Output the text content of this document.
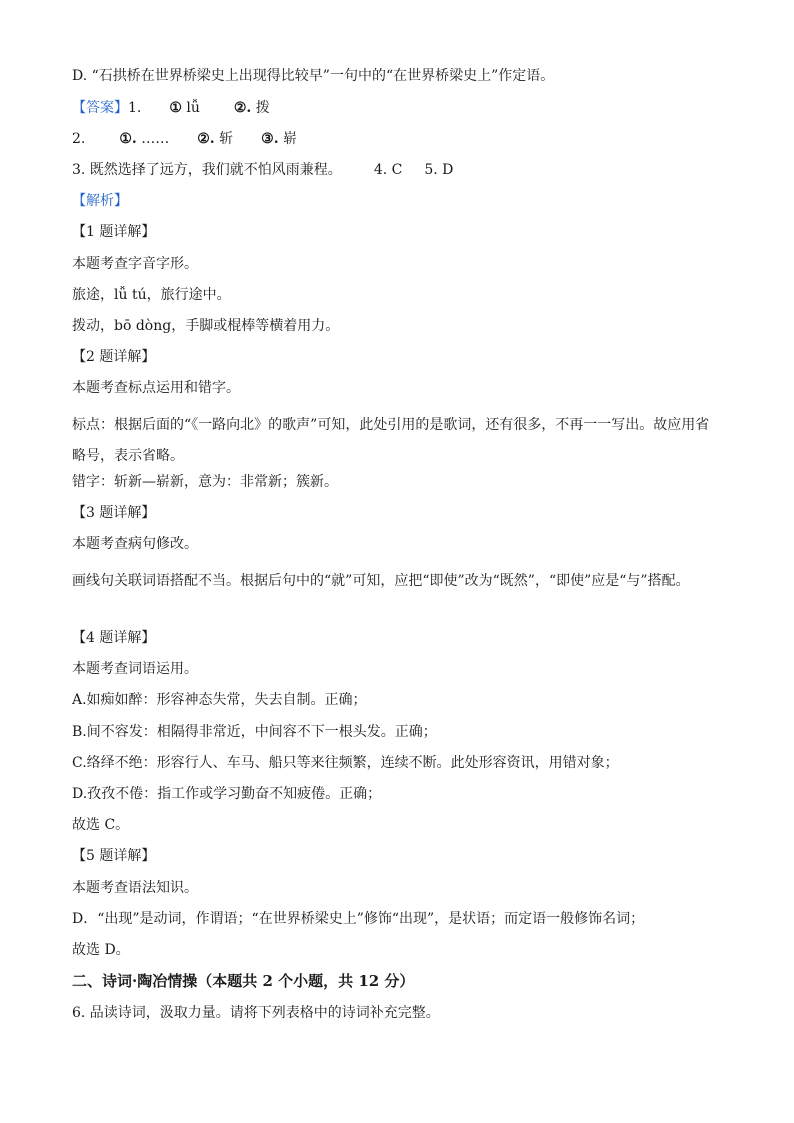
D. “石拱桥在世界桥梁史上出现得比较早”一句中的“在世界桥梁史上”作定语。
【答案】1. ① lǚ ②. 拨
2. ①. …… ②. 斩 ③. 崭
3. 既然选择了远方，我们就不怕风雨兼程。 4. C 5. D
【解析】
【1 题详解】
本题考查字音字形。
旅途，lǚ tú，旅行途中。
拨动，bō dòng，手脚或棍棒等横着用力。
【2 题详解】
本题考查标点运用和错字。
标点：根据后面的“《一路向北》的歌声”可知，此处引用的是歌词，还有很多，不再一一写出。故应用省略号，表示省略。
错字：斩新—崭新，意为：非常新；簇新。
【3 题详解】
本题考查病句修改。
画线句关联词语搭配不当。根据后句中的“就”可知，应把“即使”改为“既然”，“即使”应是“与”搭配。
【4 题详解】
本题考查词语运用。
A.如痴如醉：形容神态失常，失去自制。正确；
B.间不容发：相隔得非常近，中间容不下一根头发。正确；
C.络绎不绝：形容行人、车马、船只等来往频繁，连续不断。此处形容资讯，用错对象；
D.孜孜不倦：指工作或学习勤奋不知疲倦。正确；
故选 C。
【5 题详解】
本题考查语法知识。
D．“出现”是动词，作谓语；“在世界桥梁史上”修饰“出现”，是状语；而定语一般修饰名词；
故选 D。
二、诗词·陶冶情操（本题共 2 个小题，共 12 分）
6. 品读诗词，汲取力量。请将下列表格中的诗词补充完整。
